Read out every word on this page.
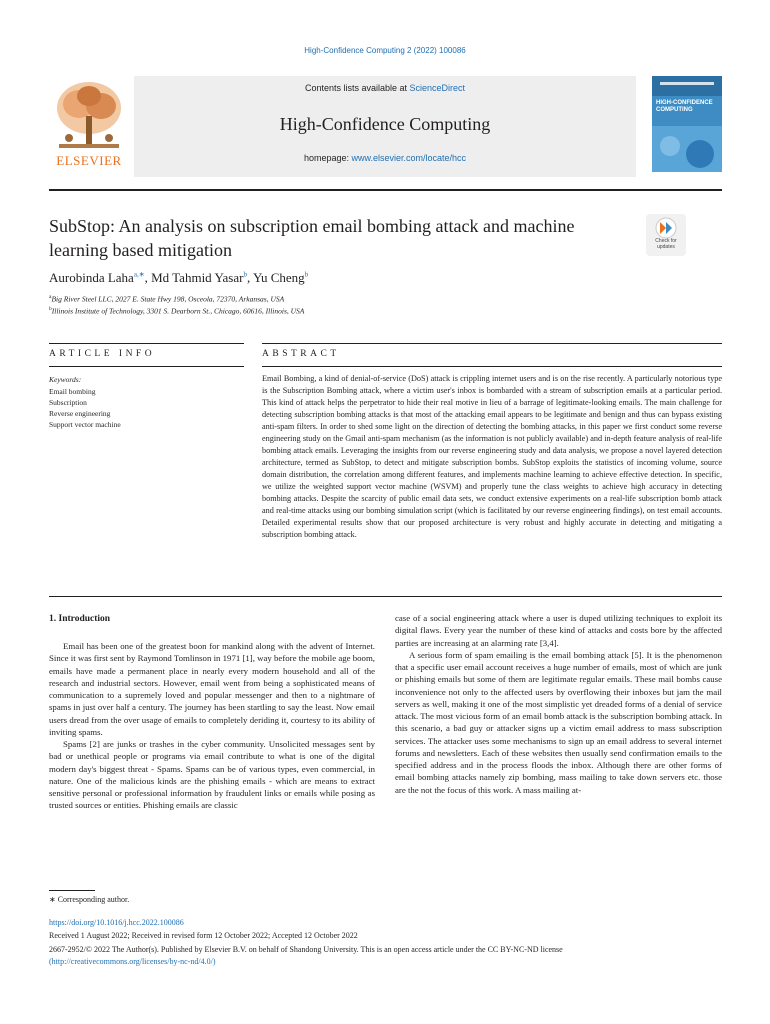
High-Confidence Computing 2 (2022) 100086
ELSEVIER
Contents lists available at ScienceDirect
High-Confidence Computing
homepage: www.elsevier.com/locate/hcc
HIGH-CONFIDENCE COMPUTING
SubStop: An analysis on subscription email bombing attack and machine learning based mitigation	Check for
updates
Aurobinda Laha$^{a,∗}$, Md Tahmid Yasar$^b$, Yu Cheng$^b$
$^a$Big River Steel LLC, 2027 E. State Hwy 198, Osceola, 72370, Arkansas, USA
$^b$Illinois Institute of Technology, 3301 S. Dearborn St., Chicago, 60616, Illinois, USA
ARTICLE INFO	ABSTRACT
Keywords:
Email bombing
Subscription
Reverse engineering
Support vector machine
Email Bombing, a kind of denial-of-service (DoS) attack is crippling internet users and is on the rise recently. A particularly notorious type is the Subscription Bombing attack, where a victim user's inbox is bombarded with a stream of subscription emails at a particular period. This kind of attack helps the perpetrator to hide their real motive in lieu of a barrage of legitimate-looking emails. The main challenge for detecting subscription bombing attacks is that most of the attacking email appears to be legitimate and benign and thus can bypass existing anti-spam filters. In order to shed some light on the direction of detecting the bombing attacks, in this paper we first conduct some reverse engineering study on the Gmail anti-spam mechanism (as the information is not publicly available) and in-depth feature analysis of real-life bombing attack emails. Leveraging the insights from our reverse engineering study and data analysis, we propose a novel layered detection architecture, termed as SubStop, to detect and mitigate subscription bombs. SubStop exploits the statistics of incoming volume, source domain distribution, the correlation among different features, and implements machine learning to achieve effective detection. In specific, we utilize the weighted support vector machine (WSVM) and properly tune the class weights to achieve high accuracy in detecting bombing attacks. Despite the scarcity of public email data sets, we conduct extensive experiments on a real-life subscription bomb attack and real-time attacks using our bombing simulation script (which is facilitated by our reverse engineering findings), on test email accounts. Detailed experimental results show that our proposed architecture is very robust and highly accurate in detecting and mitigating a subscription bombing attack.
1. Introduction

Email has been one of the greatest boon for mankind along with the advent of Internet. Since it was first sent by Raymond Tomlinson in 1971 [1], way before the mobile age boom, emails have made a permanent place in nearly every modern household and all of the research and industrial sectors. However, email went from being a sophisticated means of communication to a supremely loved and popular messenger and then to a nightmare of spams in just over half a century. The journey has been startling to say the least. Now email users dread from the over usage of emails to completely deriding it, courtesy to its ability of inviting spams.

Spams [2] are junks or trashes in the cyber community. Unsolicited messages sent by bad or unethical people or programs via email contribute to what is one of the digital modern day's biggest threat - Spams. Spams can be of various types, even commercial, in nature. One of the malicious kinds are the phishing emails - which are means to extract sensitive personal or professional information by fraudulent links or emails while posing as trusted sources or entities. Phishing emails are classic

case of a social engineering attack where a user is duped utilizing techniques to exploit its digital flaws. Every year the number of these kind of attacks and costs bore by the affected parties are increasing at an alarming rate [3,4].

A serious form of spam emailing is the email bombing attack [5]. It is the phenomenon that a specific user email account receives a huge number of emails, most of which are junk or phishing emails but some of them are legitimate regular emails. These mail bombs cause inconvenience not only to the affected users by overflowing their inboxes but jam the mail servers as well, making it one of the most simplistic yet dreaded forms of a denial of service attack. The most vicious form of an email bomb attack is the subscription bombing attack. In this scenario, a bad guy or attacker signs up a victim email address to mass subscription services. The attacker uses some mechanisms to sign up an email address to several internet forums and newsletters. Each of these websites then usually send confirmation emails to the specified address and in the process floods the inbox. Although there are other forms of email bombing attacks namely zip bombing, mass mailing to take down servers etc. those are the not the focus of this work. A mass mailing at-

∗ Corresponding author.
https://doi.org/10.1016/j.hcc.2022.100086
Received 1 August 2022; Received in revised form 12 October 2022; Accepted 12 October 2022
2667-2952/© 2022 The Author(s). Published by Elsevier B.V. on behalf of Shandong University. This is an open access article under the CC BY-NC-ND license
(http://creativecommons.org/licenses/by-nc-nd/4.0/)
